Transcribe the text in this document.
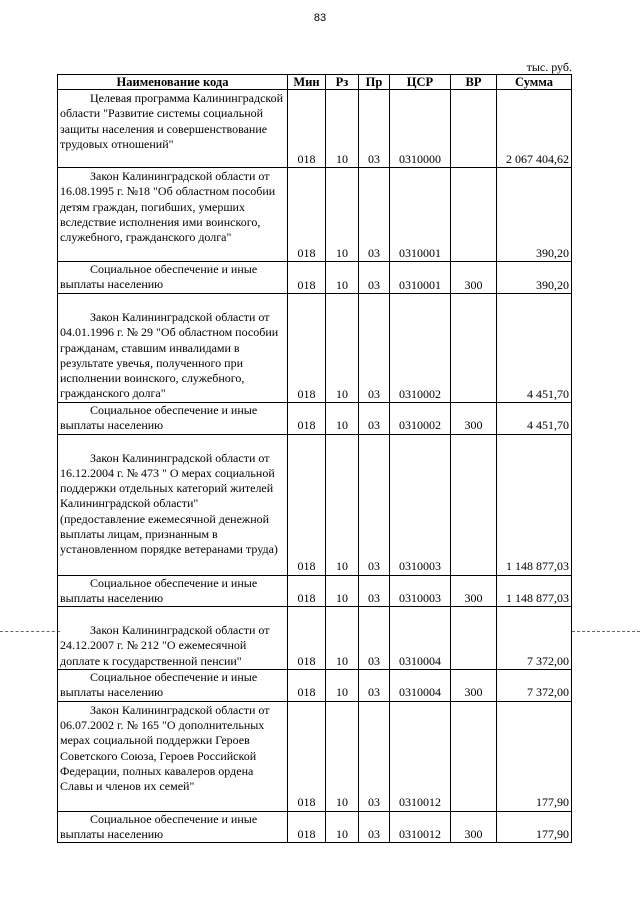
83
тыс. руб.
Наименование кода	Мин	Рз	Пр	ЦСР	ВР	Сумма
Целевая программа Калининградской области "Развитие системы социальной защиты населения и совершенствование трудовых отношений"	018	10	03	0310000		2 067 404,62
Закон Калининградской области от 16.08.1995 г. №18 "Об областном пособии детям граждан, погибших, умерших вследствие исполнения ими воинского, служебного, гражданского долга"	018	10	03	0310001		390,20
Социальное обеспечение и иные выплаты населению	018	10	03	0310001	300	390,20
Закон Калининградской области от 04.01.1996 г. № 29 "Об областном пособии гражданам, ставшим инвалидами в результате увечья, полученного при исполнении воинского, служебного, гражданского долга"	018	10	03	0310002		4 451,70
Социальное обеспечение и иные выплаты населению	018	10	03	0310002	300	4 451,70
Закон Калининградской области от 16.12.2004 г. № 473 " О мерах социальной поддержки отдельных категорий жителей Калининградской области" (предоставление ежемесячной денежной выплаты лицам, признанным в установленном порядке ветеранами труда)	018	10	03	0310003		1 148 877,03
Социальное обеспечение и иные выплаты населению	018	10	03	0310003	300	1 148 877,03
Закон Калининградской области от 24.12.2007 г. № 212 "О ежемесячной доплате к государственной пенсии"	018	10	03	0310004		7 372,00
Социальное обеспечение и иные выплаты населению	018	10	03	0310004	300	7 372,00
Закон Калининградской области от 06.07.2002 г. № 165 "О дополнительных мерах социальной поддержки Героев Советского Союза, Героев Российской Федерации, полных кавалеров ордена Славы и членов их семей"	018	10	03	0310012		177,90
Социальное обеспечение и иные выплаты населению	018	10	03	0310012	300	177,90
